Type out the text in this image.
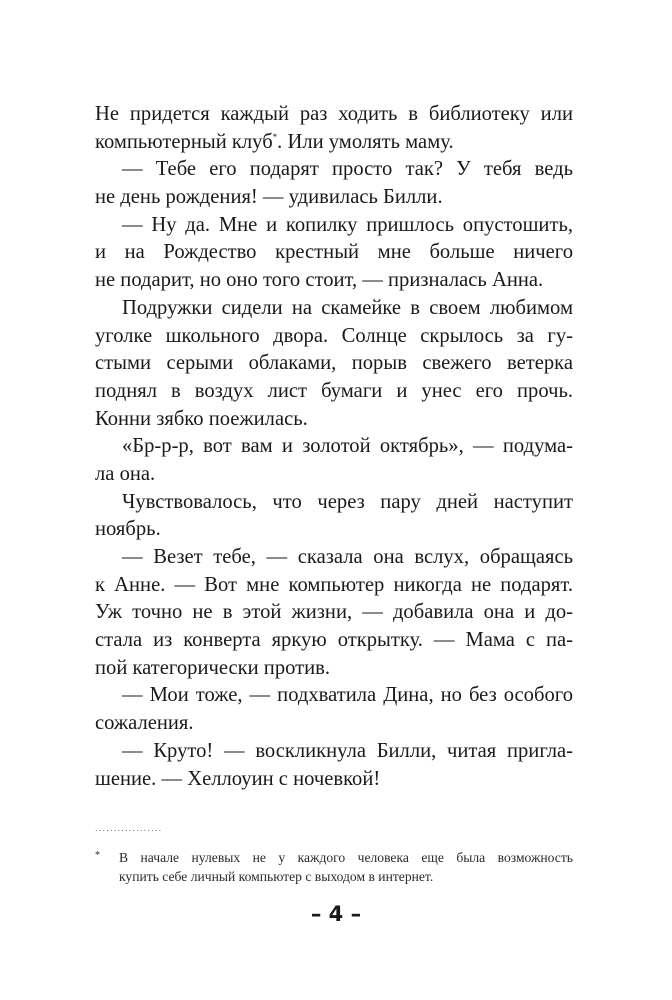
Не придется каждый раз ходить в библиотеку или
компьютерный клуб*. Или умолять маму.
— Тебе его подарят просто так? У тебя ведь
не день рождения! — удивилась Билли.
— Ну да. Мне и копилку пришлось опустошить,
и на Рождество крестный мне больше ничего
не подарит, но оно того стоит, — призналась Анна.
Подружки сидели на скамейке в своем любимом
уголке школьного двора. Солнце скрылось за гу-
стыми серыми облаками, порыв свежего ветерка
поднял в воздух лист бумаги и унес его прочь.
Конни зябко поежилась.
«Бр-р-р, вот вам и золотой октябрь», — подума-
ла она.
Чувствовалось, что через пару дней наступит
ноябрь.
— Везет тебе, — сказала она вслух, обращаясь
к Анне. — Вот мне компьютер никогда не подарят.
Уж точно не в этой жизни, — добавила она и до-
стала из конверта яркую открытку. — Мама с па-
пой категорически против.
— Мои тоже, — подхватила Дина, но без особого
сожаления.
— Круто! — воскликнула Билли, читая пригла-
шение. — Хеллоуин с ночевкой!
..................
* В начале нулевых не у каждого человека еще была возможность
купить себе личный компьютер с выходом в интернет.
– 4 –
